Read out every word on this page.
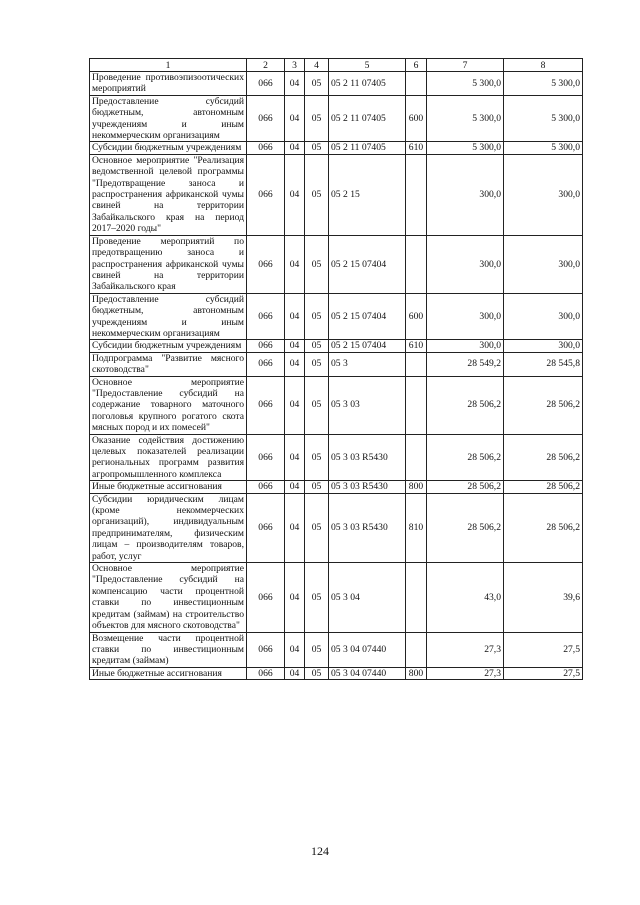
1	2	3	4	5	6	7	8
Проведение противоэпизоотических мероприятий	066	04	05	05 2 11 07405		5 300,0	5 300,0
Предоставление субсидий бюджетным, автономным учреждениям и иным некоммерческим организациям	066	04	05	05 2 11 07405	600	5 300,0	5 300,0
Субсидии бюджетным учреждениям	066	04	05	05 2 11 07405	610	5 300,0	5 300,0
Основное мероприятие "Реализация ведомственной целевой программы "Предотвращение заноса и распространения африканской чумы свиней на территории Забайкальского края на период 2017–2020 годы"	066	04	05	05 2 15		300,0	300,0
Проведение мероприятий по предотвращению заноса и распространения африканской чумы свиней на территории Забайкальского края	066	04	05	05 2 15 07404		300,0	300,0
Предоставление субсидий бюджетным, автономным учреждениям и иным некоммерческим организациям	066	04	05	05 2 15 07404	600	300,0	300,0
Субсидии бюджетным учреждениям	066	04	05	05 2 15 07404	610	300,0	300,0
Подпрограмма "Развитие мясного скотоводства"	066	04	05	05 3		28 549,2	28 545,8
Основное мероприятие "Предоставление субсидий на содержание товарного маточного поголовья крупного рогатого скота мясных пород и их помесей"	066	04	05	05 3 03		28 506,2	28 506,2
Оказание содействия достижению целевых показателей реализации региональных программ развития агропромышленного комплекса	066	04	05	05 3 03 R5430		28 506,2	28 506,2
Иные бюджетные ассигнования	066	04	05	05 3 03 R5430	800	28 506,2	28 506,2
Субсидии юридическим лицам (кроме некоммерческих организаций), индивидуальным предпринимателям, физическим лицам – производителям товаров, работ, услуг	066	04	05	05 3 03 R5430	810	28 506,2	28 506,2
Основное мероприятие "Предоставление субсидий на компенсацию части процентной ставки по инвестиционным кредитам (займам) на строительство объектов для мясного скотоводства"	066	04	05	05 3 04		43,0	39,6
Возмещение части процентной ставки по инвестиционным кредитам (займам)	066	04	05	05 3 04 07440		27,3	27,5
Иные бюджетные ассигнования	066	04	05	05 3 04 07440	800	27,3	27,5
124
